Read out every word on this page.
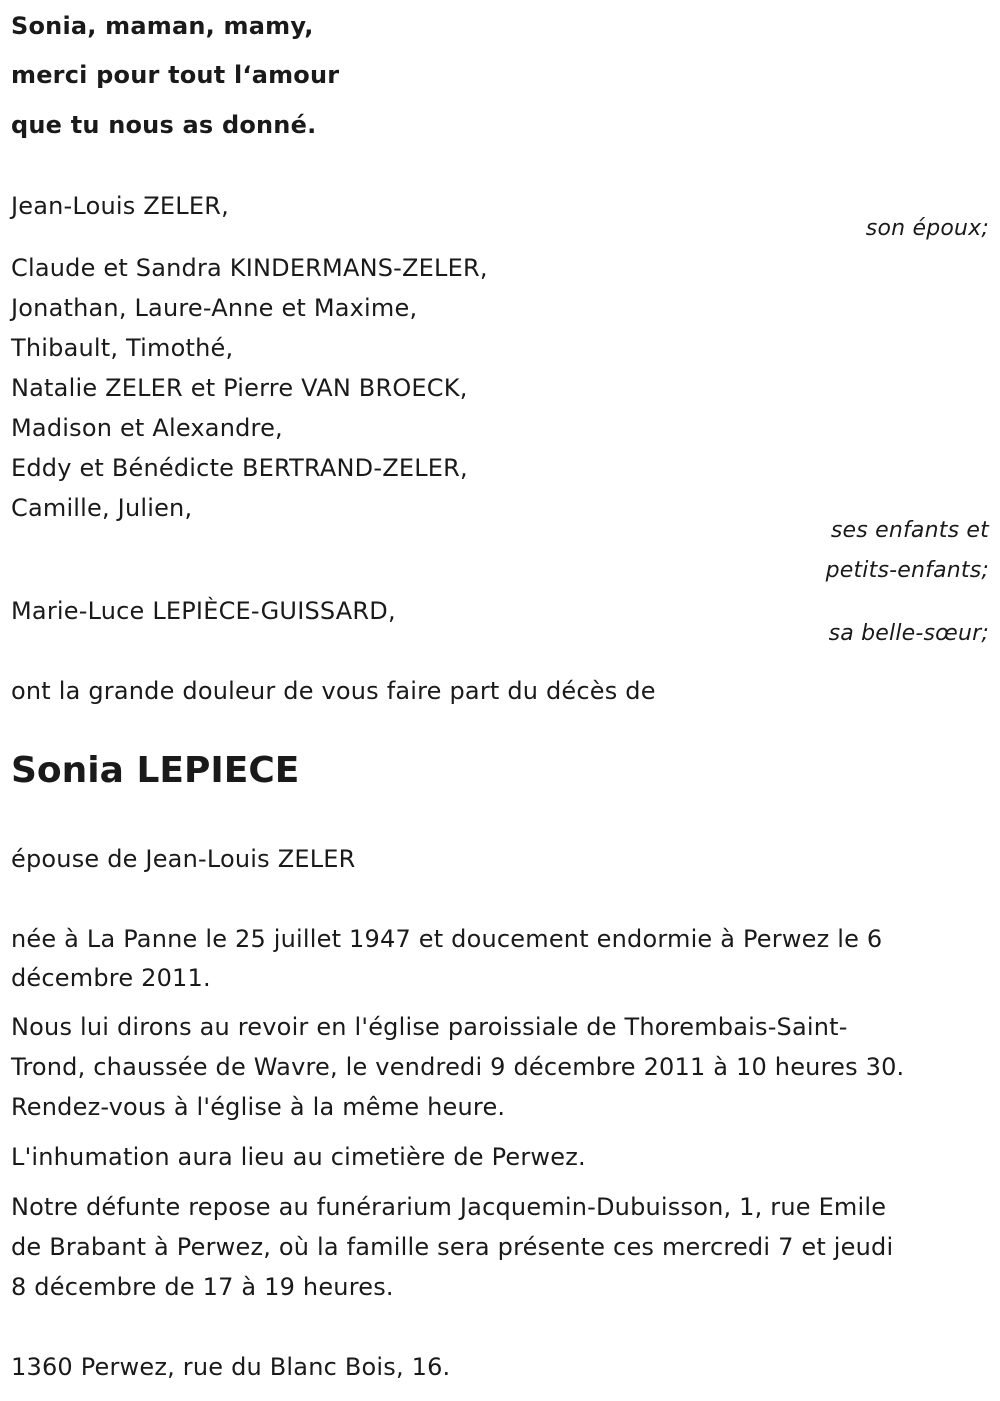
Sonia, maman, mamy,
merci pour tout l‘amour
que tu nous as donné.
Jean-Louis ZELER,
son époux;
Claude et Sandra KINDERMANS-ZELER,
Jonathan, Laure-Anne et Maxime,
Thibault, Timothé,
Natalie ZELER et Pierre VAN BROECK,
Madison et Alexandre,
Eddy et Bénédicte BERTRAND-ZELER,
Camille, Julien,
ses enfants et
petits-enfants;
Marie-Luce LEPIÈCE-GUISSARD,
sa belle-sœur;
ont la grande douleur de vous faire part du décès de
Sonia LEPIECE
épouse de Jean-Louis ZELER
née à La Panne le 25 juillet 1947 et doucement endormie à Perwez le 6
décembre 2011.
Nous lui dirons au revoir en l'église paroissiale de Thorembais-Saint-
Trond, chaussée de Wavre, le vendredi 9 décembre 2011 à 10 heures 30.
Rendez-vous à l'église à la même heure.
L'inhumation aura lieu au cimetière de Perwez.
Notre défunte repose au funérarium Jacquemin-Dubuisson, 1, rue Emile
de Brabant à Perwez, où la famille sera présente ces mercredi 7 et jeudi
8 décembre de 17 à 19 heures.
1360 Perwez, rue du Blanc Bois, 16.
